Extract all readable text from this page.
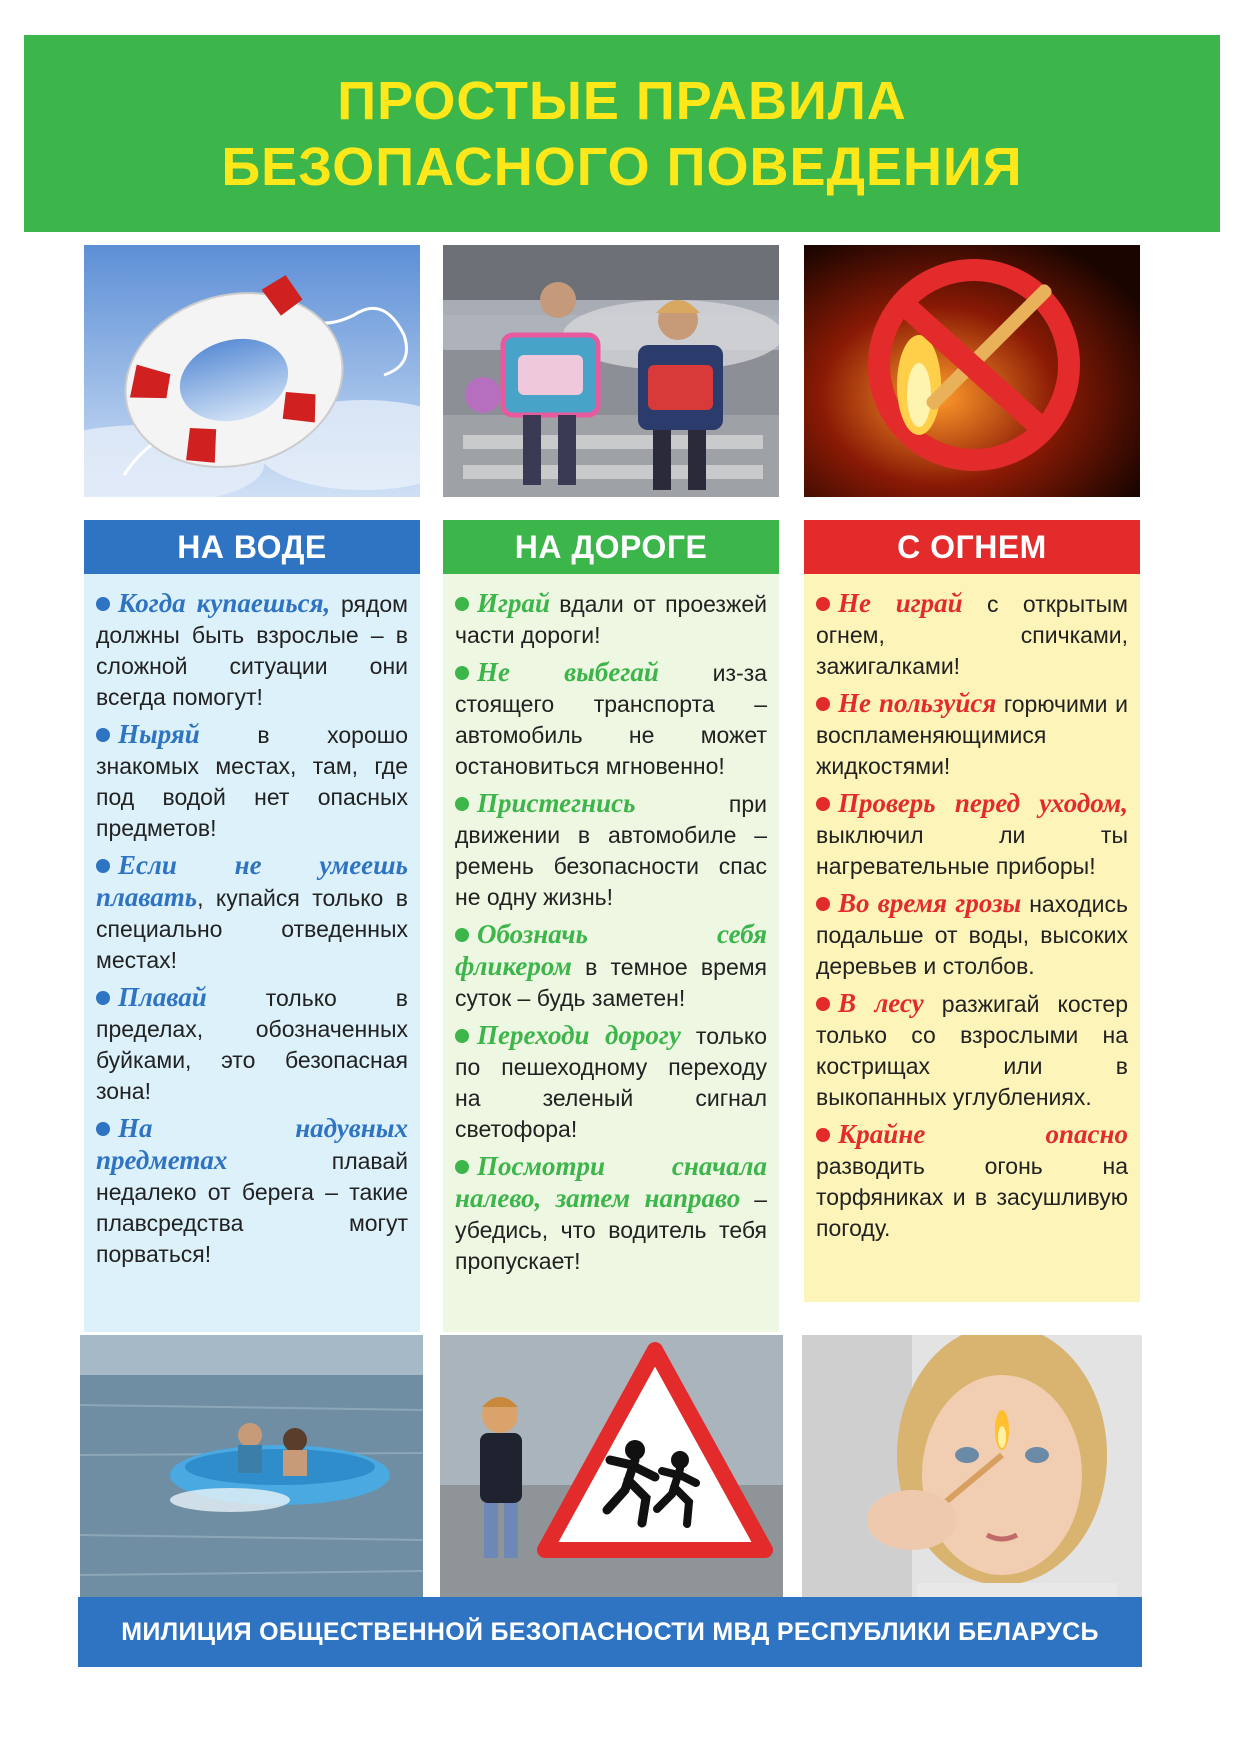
ПРОСТЫЕ ПРАВИЛА
БЕЗОПАСНОГО ПОВЕДЕНИЯ
НА ВОДЕ	НА ДОРОГЕ	С ОГНЕМ
Когда купаешься, рядом должны быть взрослые – в сложной ситуации они всегда помогут!
Ныряй в хорошо знакомых местах, там, где под водой нет опасных предметов!
Если не умеешь плавать, купайся только в специально отведенных местах!
Плавай только в пределах, обозначенных буйками, это безопасная зона!
На надувных предметах плавай недалеко от берега – такие плавсредства могут порваться!
Играй вдали от проезжей части дороги!
Не выбегай из-за стоящего транспорта – автомобиль не может остановиться мгновенно!
Пристегнись при движении в автомобиле – ремень безопасности спас не одну жизнь!
Обозначь себя фликером в темное время суток – будь заметен!
Переходи дорогу только по пешеходному переходу на зеленый сигнал светофора!
Посмотри сначала налево, затем направо – убедись, что водитель тебя пропускает!
Не играй с открытым огнем, спичками, зажигалками!
Не пользуйся горючими и воспламеняющимися жидкостями!
Проверь перед уходом, выключил ли ты нагревательные приборы!
Во время грозы находись подальше от воды, высоких деревьев и столбов.
В лесу разжигай костер только со взрослыми на кострищах или в выкопанных углублениях.
Крайне опасно разводить огонь на торфяниках и в засушливую погоду.
МИЛИЦИЯ ОБЩЕСТВЕННОЙ БЕЗОПАСНОСТИ МВД РЕСПУБЛИКИ БЕЛАРУСЬ
